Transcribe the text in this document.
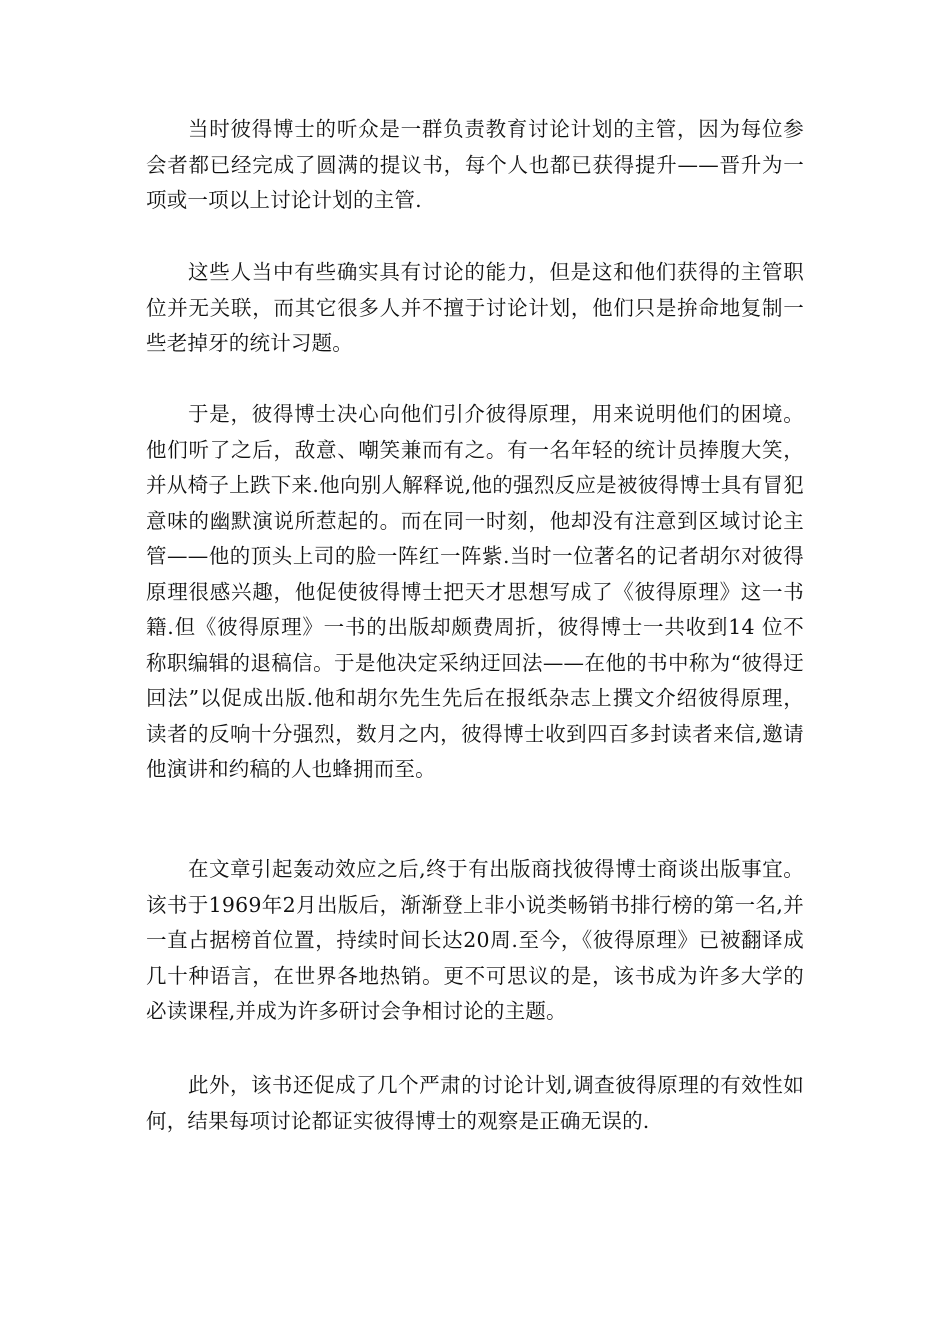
当时彼得博士的听众是一群负责教育讨论计划的主管，因为每位参会者都已经完成了圆满的提议书，每个人也都已获得提升——晋升为一项或一项以上讨论计划的主管.

这些人当中有些确实具有讨论的能力，但是这和他们获得的主管职位并无关联，而其它很多人并不擅于讨论计划，他们只是拚命地复制一些老掉牙的统计习题。

于是，彼得博士决心向他们引介彼得原理，用来说明他们的困境。他们听了之后，敌意、嘲笑兼而有之。有一名年轻的统计员捧腹大笑，并从椅子上跌下来.他向别人解释说,他的强烈反应是被彼得博士具有冒犯意味的幽默演说所惹起的。而在同一时刻，他却没有注意到区域讨论主管——他的顶头上司的脸一阵红一阵紫.当时一位著名的记者胡尔对彼得原理很感兴趣，他促使彼得博士把天才思想写成了《彼得原理》这一书籍.但《彼得原理》一书的出版却颇费周折，彼得博士一共收到14 位不称职编辑的退稿信。于是他决定采纳迂回法——在他的书中称为“彼得迂回法”以促成出版.他和胡尔先生先后在报纸杂志上撰文介绍彼得原理，读者的反响十分强烈，数月之内，彼得博士收到四百多封读者来信,邀请他演讲和约稿的人也蜂拥而至。

在文章引起轰动效应之后,终于有出版商找彼得博士商谈出版事宜。该书于1969年2月出版后，渐渐登上非小说类畅销书排行榜的第一名,并一直占据榜首位置，持续时间长达20周.至今，《彼得原理》已被翻译成几十种语言，在世界各地热销。更不可思议的是，该书成为许多大学的必读课程,并成为许多研讨会争相讨论的主题。

此外，该书还促成了几个严肃的讨论计划,调查彼得原理的有效性如何，结果每项讨论都证实彼得博士的观察是正确无误的.
